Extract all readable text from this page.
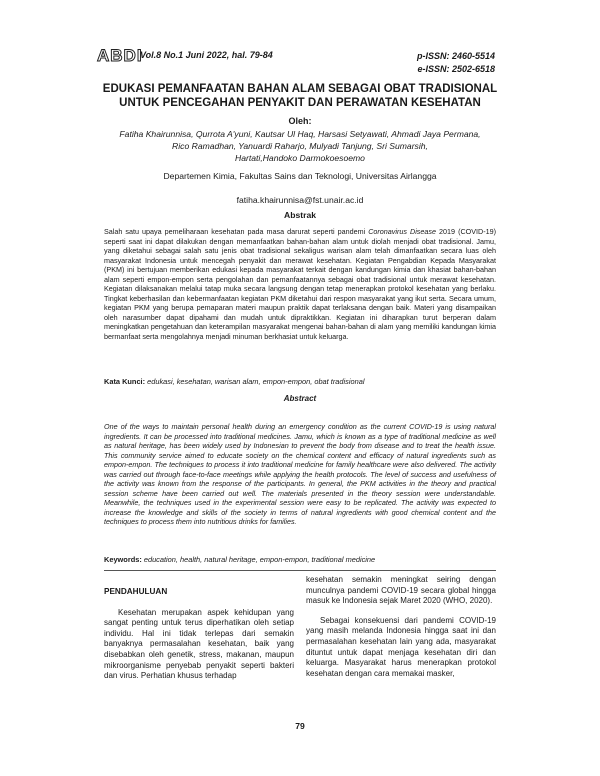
ABDI
Vol.8 No.1 Juni 2022, hal. 79-84	p-ISSN: 2460-5514
e-ISSN: 2502-6518
EDUKASI PEMANFAATAN BAHAN ALAM SEBAGAI OBAT TRADISIONAL
UNTUK PENCEGAHAN PENYAKIT DAN PERAWATAN KESEHATAN
Oleh:
Fatiha Khairunnisa, Qurrota A'yuni, Kautsar Ul Haq, Harsasi Setyawati, Ahmadi Jaya Permana,
Rico Ramadhan, Yanuardi Raharjo, Mulyadi Tanjung, Sri Sumarsih,
Hartati,Handoko Darmokoesoemo
Departemen Kimia, Fakultas Sains dan Teknologi, Universitas Airlangga
fatiha.khairunnisa@fst.unair.ac.id
Abstrak
Salah satu upaya pemeliharaan kesehatan pada masa darurat seperti pandemi Coronavirus Disease 2019 (COVID-19) seperti saat ini dapat dilakukan dengan memanfaatkan bahan-bahan alam untuk diolah menjadi obat tradisional. Jamu, yang diketahui sebagai salah satu jenis obat tradisional sekaligus warisan alam telah dimanfaatkan secara luas oleh masyarakat Indonesia untuk mencegah penyakit dan merawat kesehatan. Kegiatan Pengabdian Kepada Masyarakat (PKM) ini bertujuan memberikan edukasi kepada masyarakat terkait dengan kandungan kimia dan khasiat bahan-bahan alam seperti empon-empon serta pengolahan dan pemanfaatannya sebagai obat tradisional untuk merawat kesehatan. Kegiatan dilaksanakan melalui tatap muka secara langsung dengan tetap menerapkan protokol kesehatan yang berlaku. Tingkat keberhasilan dan kebermanfaatan kegiatan PKM diketahui dari respon masyarakat yang ikut serta. Secara umum, kegiatan PKM yang berupa pemaparan materi maupun praktik dapat terlaksana dengan baik. Materi yang disampaikan oleh narasumber dapat dipahami dan mudah untuk dipraktikkan. Kegiatan ini diharapkan turut berperan dalam meningkatkan pengetahuan dan keterampilan masyarakat mengenai bahan-bahan di alam yang memiliki kandungan kimia bermanfaat serta mengolahnya menjadi minuman berkhasiat untuk keluarga.
Kata Kunci: edukasi, kesehatan, warisan alam, empon-empon, obat tradisional
Abstract
One of the ways to maintain personal health during an emergency condition as the current COVID-19 is using natural ingredients. It can be processed into traditional medicines. Jamu, which is known as a type of traditional medicine as well as natural heritage, has been widely used by Indonesian to prevent the body from disease and to treat the health issue. This community service aimed to educate society on the chemical content and efficacy of natural ingredients such as empon-empon. The techniques to process it into traditional medicine for family healthcare were also delivered. The activity was carried out through face-to-face meetings while applying the health protocols. The level of success and usefulness of the activity was known from the response of the participants. In general, the PKM activities in the theory and practical session scheme have been carried out well. The materials presented in the theory session were understandable. Meanwhile, the techniques used in the experimental session were easy to be replicated. The activity was expected to increase the knowledge and skills of the society in terms of natural ingredients with good chemical content and the techniques to process them into nutritious drinks for families.
Keywords: education, health, natural heritage, empon-empon, traditional medicine

PENDAHULUAN

Kesehatan merupakan aspek kehidupan yang sangat penting untuk terus diperhatikan oleh setiap individu. Hal ini tidak terlepas dari semakin banyaknya permasalahan kesehatan, baik yang disebabkan oleh genetik, stress, makanan, maupun mikroorganisme penyebab penyakit seperti bakteri dan virus. Perhatian khusus terhadap

kesehatan semakin meningkat seiring dengan munculnya pandemi COVID-19 secara global hingga masuk ke Indonesia sejak Maret 2020 (WHO, 2020).

Sebagai konsekuensi dari pandemi COVID-19 yang masih melanda Indonesia hingga saat ini dan permasalahan kesehatan lain yang ada, masyarakat dituntut untuk dapat menjaga kesehatan diri dan keluarga. Masyarakat harus menerapkan protokol kesehatan dengan cara memakai masker,

79
